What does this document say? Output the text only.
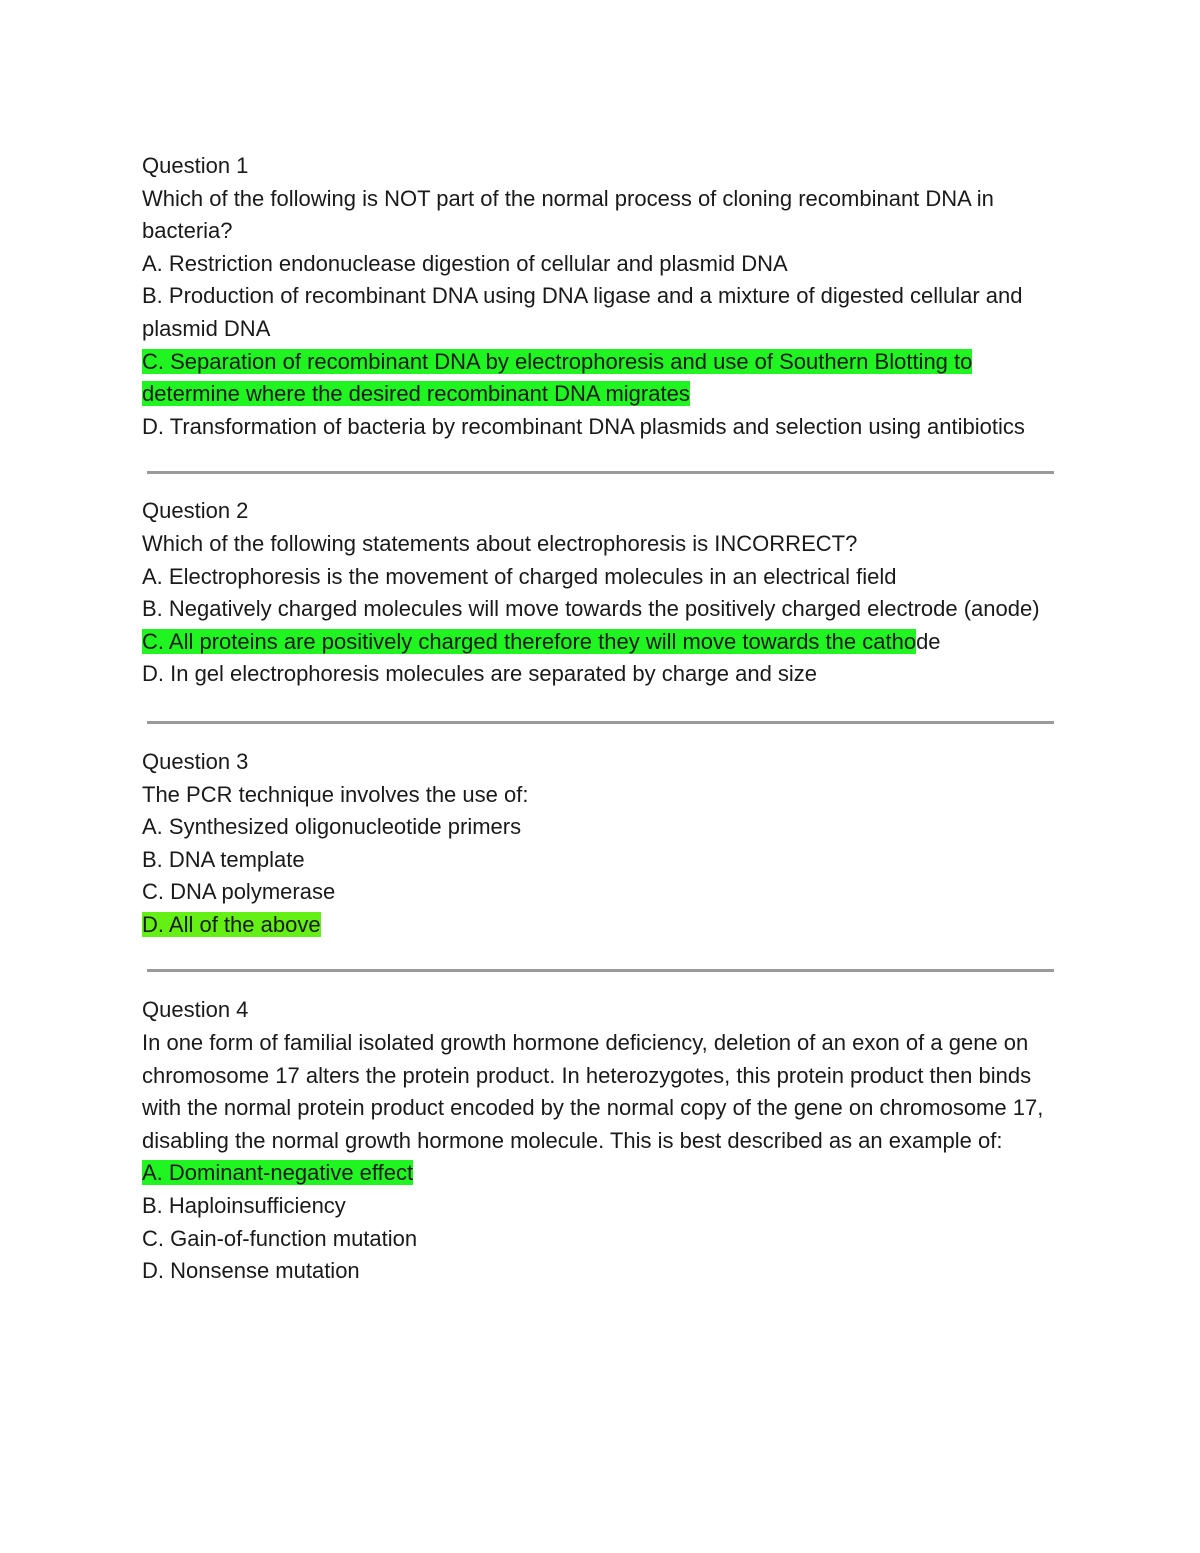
Question 1
Which of the following is NOT part of the normal process of cloning recombinant DNA in bacteria?
A. Restriction endonuclease digestion of cellular and plasmid DNA
B. Production of recombinant DNA using DNA ligase and a mixture of digested cellular and plasmid DNA
C. Separation of recombinant DNA by electrophoresis and use of Southern Blotting to determine where the desired recombinant DNA migrates
D. Transformation of bacteria by recombinant DNA plasmids and selection using antibiotics
Question 2
Which of the following statements about electrophoresis is INCORRECT?
A. Electrophoresis is the movement of charged molecules in an electrical field
B. Negatively charged molecules will move towards the positively charged electrode (anode)
C. All proteins are positively charged therefore they will move towards the cathode
D. In gel electrophoresis molecules are separated by charge and size
Question 3
The PCR technique involves the use of:
A. Synthesized oligonucleotide primers
B. DNA template
C. DNA polymerase
D. All of the above
Question 4
In one form of familial isolated growth hormone deficiency, deletion of an exon of a gene on chromosome 17 alters the protein product. In heterozygotes, this protein product then binds with the normal protein product encoded by the normal copy of the gene on chromosome 17, disabling the normal growth hormone molecule. This is best described as an example of:
A. Dominant-negative effect
B. Haploinsufficiency
C. Gain-of-function mutation
D. Nonsense mutation
